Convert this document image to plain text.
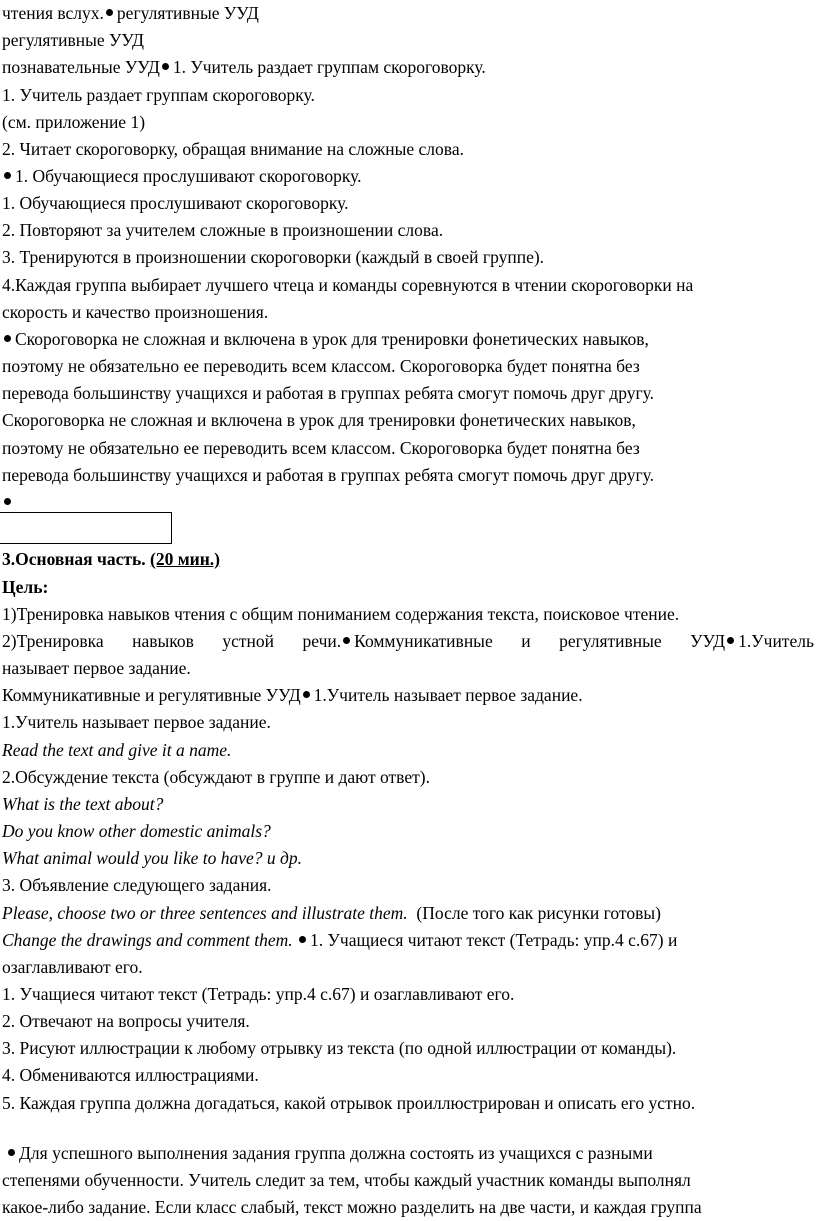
чтения вслух. регулятивные УУД
регулятивные УУД
познавательные УУД 1. Учитель раздает группам скороговорку.
1. Учитель раздает группам скороговорку.
(см. приложение 1)
2. Читает скороговорку, обращая внимание на сложные слова.
1. Обучающиеся прослушивают скороговорку.
1. Обучающиеся прослушивают скороговорку.
2. Повторяют за учителем сложные в произношении слова.
3. Тренируются в произношении скороговорки (каждый в своей группе).
4.Каждая группа выбирает лучшего чтеца и команды соревнуются в чтении скороговорки на
скорость и качество произношения.
Скороговорка не сложная и включена в урок для тренировки фонетических навыков,
поэтому не обязательно ее переводить всем классом. Скороговорка будет понятна без
перевода большинству учащихся и работая в группах ребята смогут помочь друг другу.
Скороговорка не сложная и включена в урок для тренировки фонетических навыков,
поэтому не обязательно ее переводить всем классом. Скороговорка будет понятна без
перевода большинству учащихся и работая в группах ребята смогут помочь друг другу.
3.Основная часть. (20 мин.)
Цель:
1)Тренировка навыков чтения с общим пониманием содержания текста, поисковое чтение.
2)Тренировка навыков устной речи. Коммуникативные и регулятивные УУД 1.Учитель
называет первое задание.
Коммуникативные и регулятивные УУД 1.Учитель называет первое задание.
1.Учитель называет первое задание.
Read the text and give it a name.
2.Обсуждение текста (обсуждают в группе и дают ответ).
What is the text about?
Do you know other domestic animals?
What animal would you like to have? и др.
3. Объявление следующего задания.
Please, choose two or three sentences and illustrate them. (После того как рисунки готовы)
Change the drawings and comment them. 1. Учащиеся читают текст (Тетрадь: упр.4 с.67) и
озаглавливают его.
1. Учащиеся читают текст (Тетрадь: упр.4 с.67) и озаглавливают его.
2. Отвечают на вопросы учителя.
3. Рисуют иллюстрации к любому отрывку из текста (по одной иллюстрации от команды).
4. Обмениваются иллюстрациями.
5. Каждая группа должна догадаться, какой отрывок проиллюстрирован и описать его устно.
Для успешного выполнения задания группа должна состоять из учащихся с разными
степенями обученности. Учитель следит за тем, чтобы каждый участник команды выполнял
какое-либо задание. Если класс слабый, текст можно разделить на две части, и каждая группа
